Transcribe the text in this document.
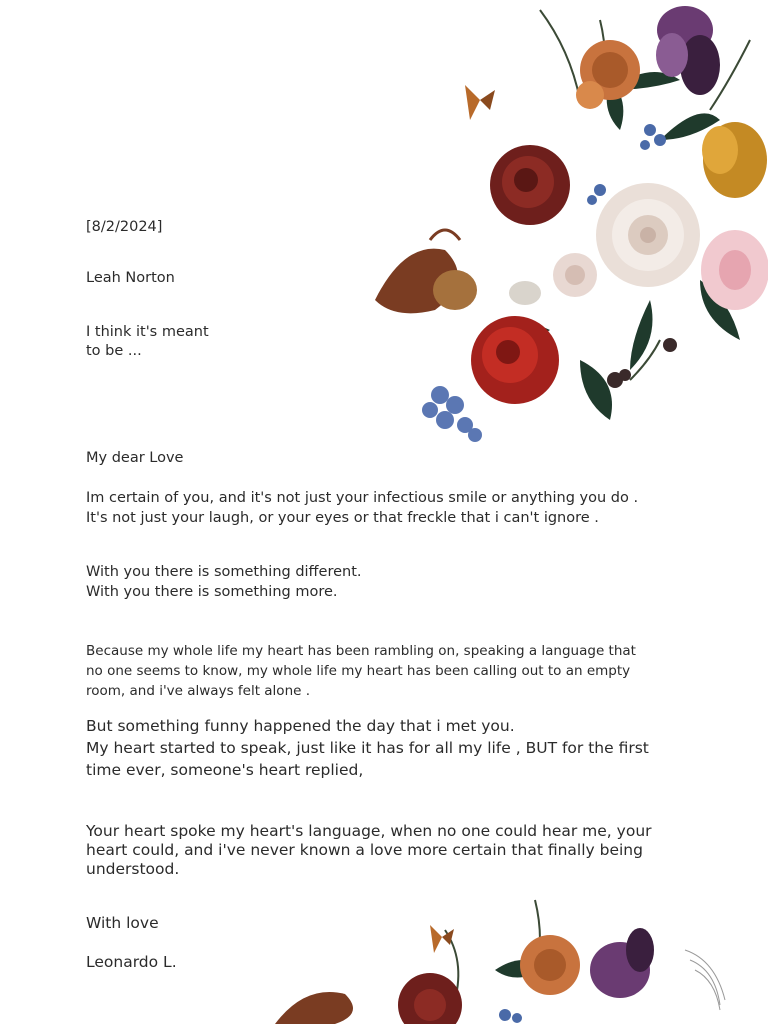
[8/2/2024]

Leah Norton

I think it's meant
to be ...

My dear Love

Im certain of you, and it's not just your infectious smile or anything you do .
It's not just your laugh, or your eyes or that freckle that i can't ignore .
With you there is something different.
With you there is something more.
Because my whole life my heart has been rambling on, speaking a language that
no one seems to know, my whole life my heart has been calling out to an empty
room, and i've always felt alone .
But something funny happened the day that i met you.
My heart started to speak, just like it has for all my life , BUT for the first
time ever, someone's heart replied,
Your heart spoke my heart's language, when no one could hear me, your
heart could, and i've never known a love more certain that finally being
understood.

With love

Leonardo L.
